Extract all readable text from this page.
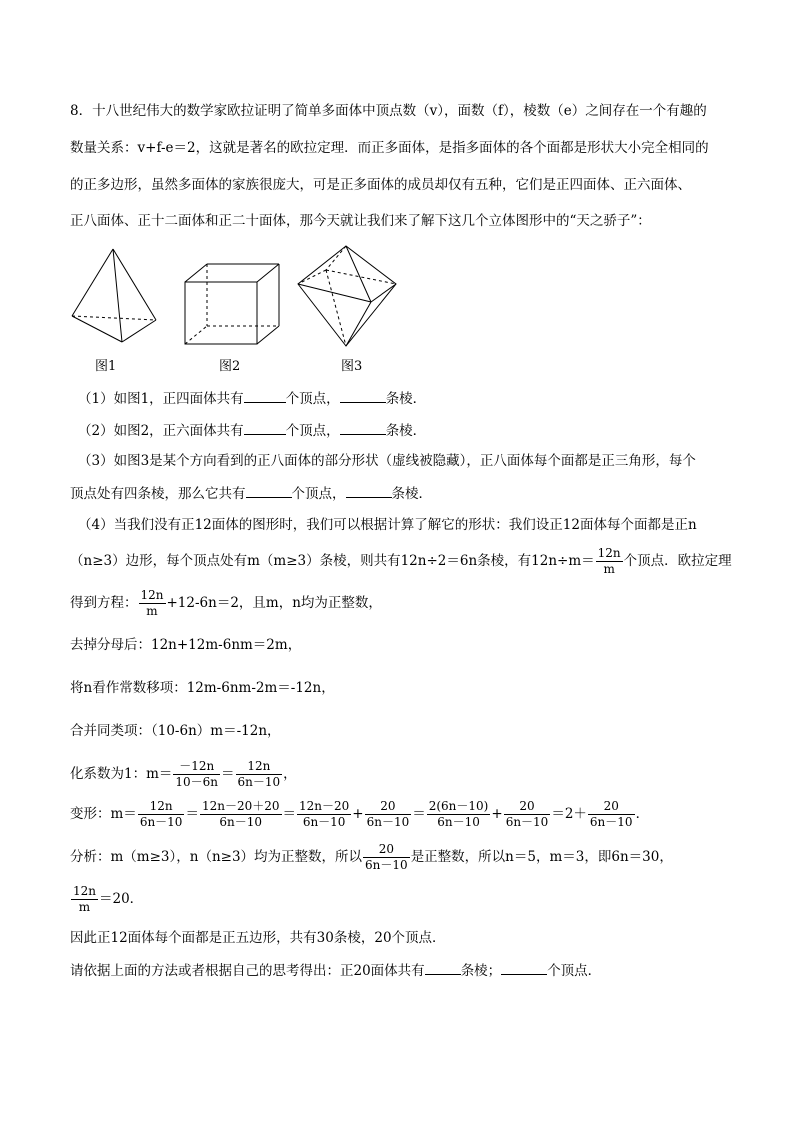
8．十八世纪伟大的数学家欧拉证明了简单多面体中顶点数（v），面数（f），棱数（e）之间存在一个有趣的
数量关系：v+f-e＝2，这就是著名的欧拉定理．而正多面体，是指多面体的各个面都是形状大小完全相同的
的正多边形，虽然多面体的家族很庞大，可是正多面体的成员却仅有五种，它们是正四面体、正六面体、
正八面体、正十二面体和正二十面体，那今天就让我们来了解下这几个立体图形中的“天之骄子”：
图1	图2	图3
（1）如图1，正四面体共有	个顶点，	条棱．
（2）如图2，正六面体共有	个顶点，	条棱．
（3）如图3是某个方向看到的正八面体的部分形状（虚线被隐藏），正八面体每个面都是正三角形，每个
顶点处有四条棱，那么它共有	个顶点，	条棱．
（4）当我们没有正12面体的图形时，我们可以根据计算了解它的形状：我们设正12面体每个面都是正n
（n≥3）边形，每个顶点处有m（m≥3）条棱，则共有12n÷2＝6n条棱，有$12n\div m= \frac{12n}{m}$ 个顶点．欧拉定理
得到方程： $\frac{12n}{m} +12-6n=2$，且m，n均为正整数，
去掉分母后：12n+12m-6nm＝2m，
将n看作常数移项：12m-6nm-2m＝-12n，
合并同类项：（10-6n）m＝-12n，
化系数为1：$m= \frac{-12n}{10-6n} = \frac{12n}{6n-10}$ ，
变形：$m= \frac{12n}{6n-10} = \frac{12n-20+20}{6n-10} = \frac{12n-20}{6n-10} + \frac{20}{6n-10} = \frac{2(6n-10)}{6n-10} + \frac{20}{6n-10} =2+ \frac{20}{6n-10}$ ．
分析：m（m≥3），n（n≥3）均为正整数，所以 $\frac{20}{6n-10}$ 是正整数，所以n＝5，m＝3，即6n＝30，
$\frac{12n}{m} =20$．
因此正12面体每个面都是正五边形，共有30条棱，20个顶点．
请依据上面的方法或者根据自己的思考得出：正20面体共有	条棱；	个顶点．
